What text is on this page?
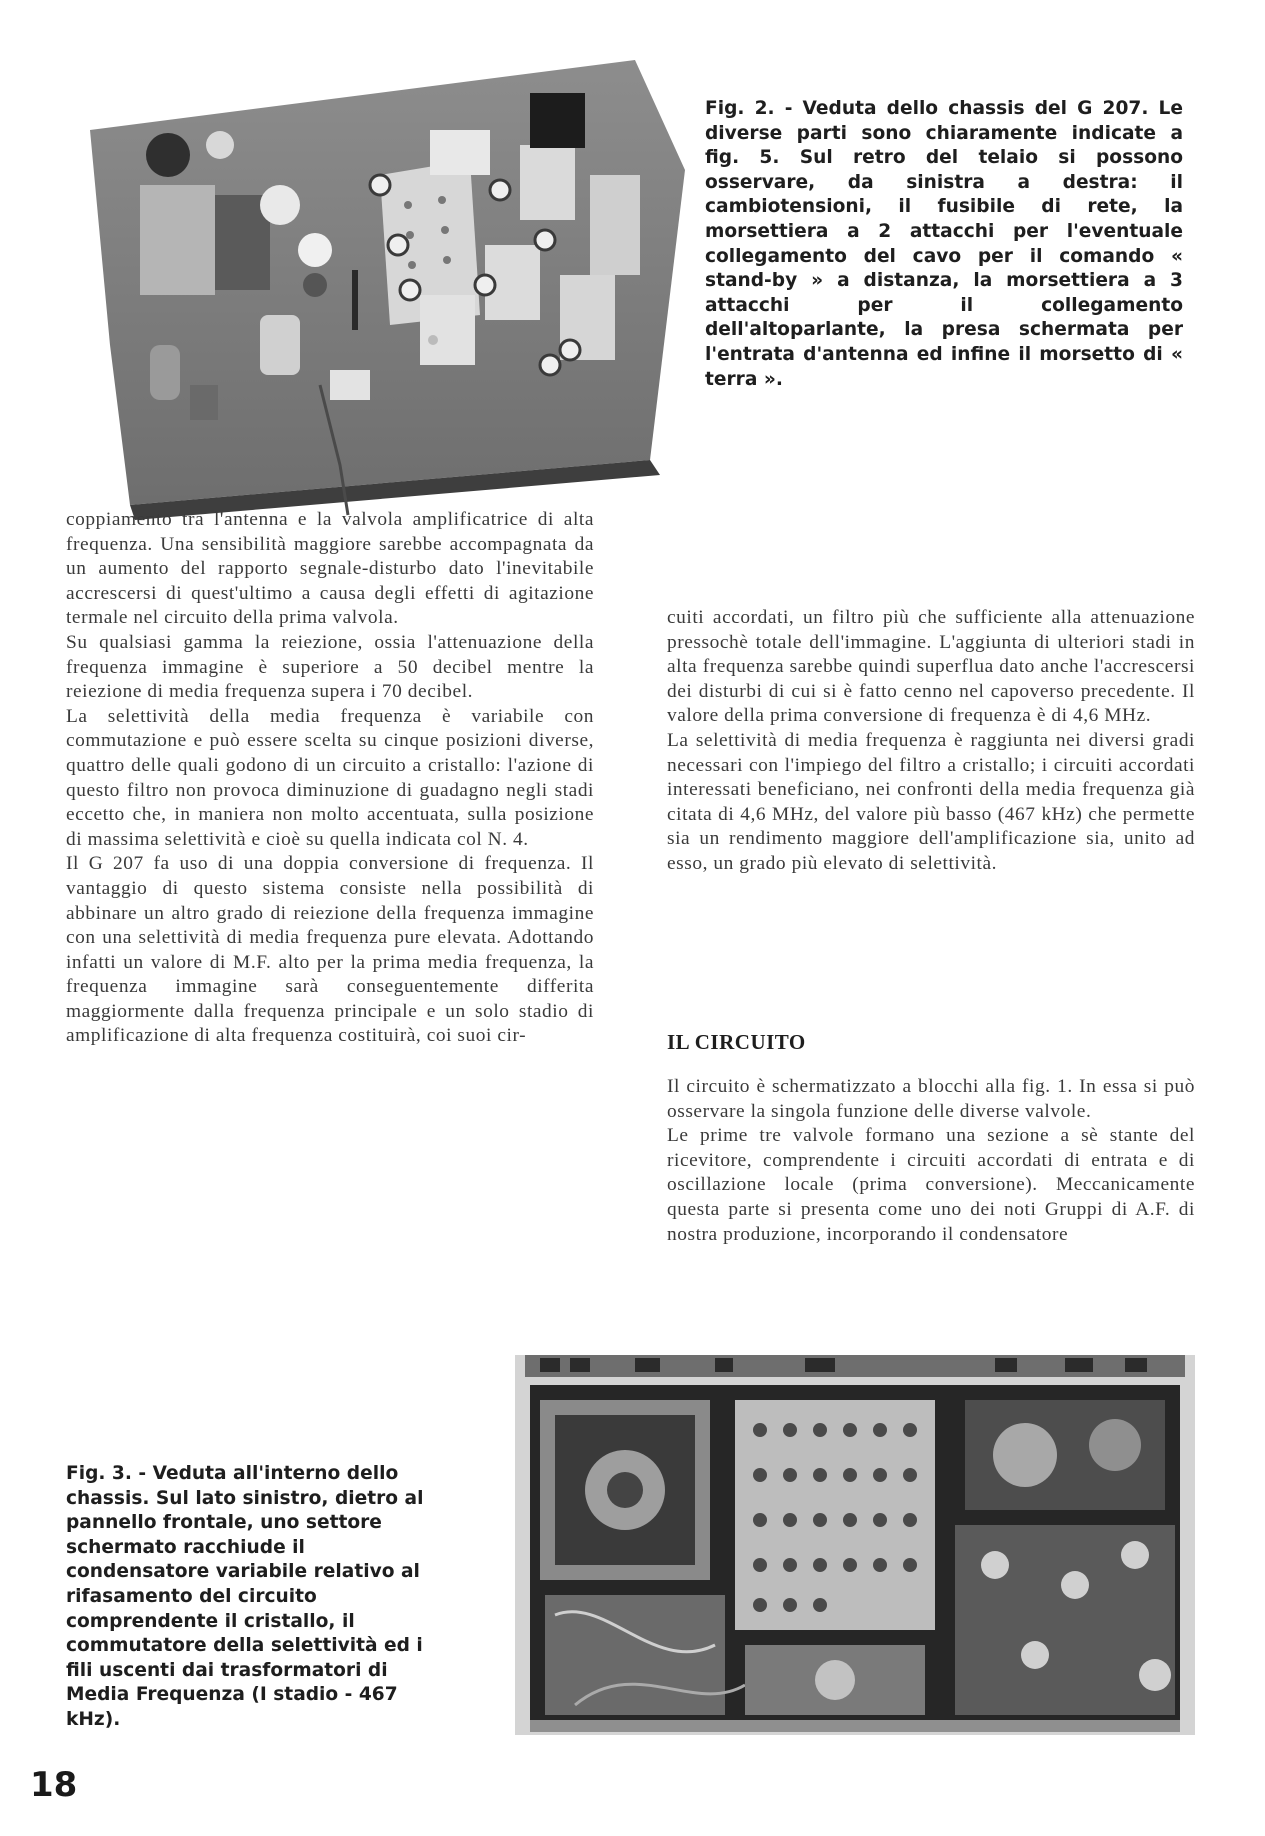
Fig. 2. - Veduta dello chassis del G 207. Le diverse parti sono chiaramente indicate a fig. 5. Sul retro del telaio si possono osservare, da sinistra a destra: il cambiotensioni, il fusibile di rete, la morsettiera a 2 attacchi per l'eventuale collegamento del cavo per il comando « stand-by » a distanza, la morsettiera a 3 attacchi per il collegamento dell'altoparlante, la presa schermata per l'entrata d'antenna ed infine il morsetto di « terra ».

coppiamento tra l'antenna e la valvola amplificatrice di alta frequenza. Una sensibilità maggiore sarebbe accompagnata da un aumento del rapporto segnale-disturbo dato l'inevitabile accrescersi di quest'ultimo a causa degli effetti di agitazione termale nel circuito della prima valvola.

Su qualsiasi gamma la reiezione, ossia l'attenuazione della frequenza immagine è superiore a 50 decibel mentre la reiezione di media frequenza supera i 70 decibel.

La selettività della media frequenza è variabile con commutazione e può essere scelta su cinque posizioni diverse, quattro delle quali godono di un circuito a cristallo: l'azione di questo filtro non provoca diminuzione di guadagno negli stadi eccetto che, in maniera non molto accentuata, sulla posizione di massima selettività e cioè su quella indicata col N. 4.

Il G 207 fa uso di una doppia conversione di frequenza. Il vantaggio di questo sistema consiste nella possibilità di abbinare un altro grado di reiezione della frequenza immagine con una selettività di media frequenza pure elevata. Adottando infatti un valore di M.F. alto per la prima media frequenza, la frequenza immagine sarà conseguentemente differita maggiormente dalla frequenza principale e un solo stadio di amplificazione di alta frequenza costituirà, coi suoi cir-

cuiti accordati, un filtro più che sufficiente alla attenuazione pressochè totale dell'immagine. L'aggiunta di ulteriori stadi in alta frequenza sarebbe quindi superflua dato anche l'accrescersi dei disturbi di cui si è fatto cenno nel capoverso precedente. Il valore della prima conversione di frequenza è di 4,6 MHz.

La selettività di media frequenza è raggiunta nei diversi gradi necessari con l'impiego del filtro a cristallo; i circuiti accordati interessati beneficiano, nei confronti della media frequenza già citata di 4,6 MHz, del valore più basso (467 kHz) che permette sia un rendimento maggiore dell'amplificazione sia, unito ad esso, un grado più elevato di selettività.

IL CIRCUITO

Il circuito è schermatizzato a blocchi alla fig. 1. In essa si può osservare la singola funzione delle diverse valvole.

Le prime tre valvole formano una sezione a sè stante del ricevitore, comprendente i circuiti accordati di entrata e di oscillazione locale (prima conversione). Meccanicamente questa parte si presenta come uno dei noti Gruppi di A.F. di nostra produzione, incorporando il condensatore

Fig. 3. - Veduta all'interno dello chassis. Sul lato sinistro, dietro al pannello frontale, uno settore schermato racchiude il condensatore variabile relativo al rifasamento del circuito comprendente il cristallo, il commutatore della selettività ed i fili uscenti dai trasformatori di Media Frequenza (I stadio - 467 kHz).

18
